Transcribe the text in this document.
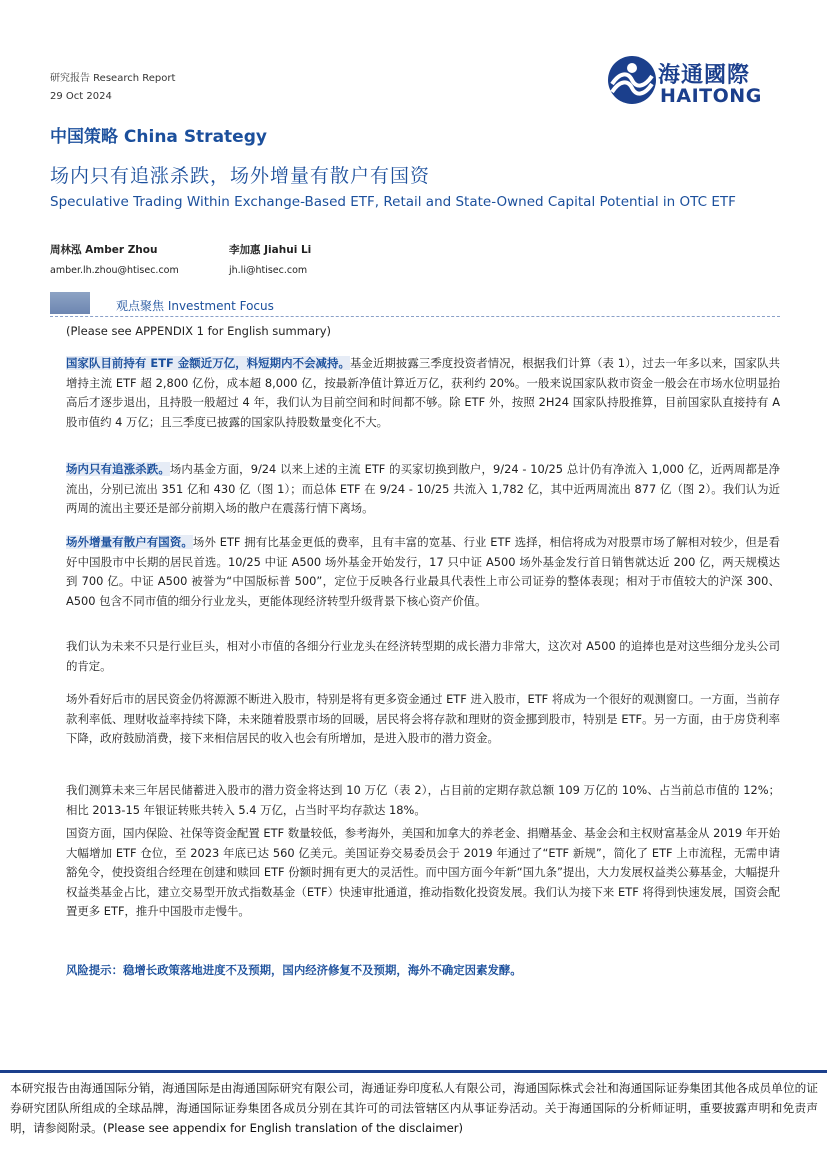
研究报告 Research Report
29 Oct 2024
海通國際
HAITONG
中国策略 China Strategy
场内只有追涨杀跌，场外增量有散户有国资
Speculative Trading Within Exchange-Based ETF, Retail and State-Owned Capital Potential in OTC ETF
周林泓 Amber Zhou
amber.lh.zhou@htisec.com
李加惠 Jiahui Li
jh.li@htisec.com
观点聚焦 Investment Focus
(Please see APPENDIX 1 for English summary)
国家队目前持有 ETF 金额近万亿，料短期内不会减持。基金近期披露三季度投资者情况，根据我们计算（表 1），过去一年多以来，国家队共增持主流 ETF 超 2,800 亿份，成本超 8,000 亿，按最新净值计算近万亿，获利约 20%。一般来说国家队救市资金一般会在市场水位明显抬高后才逐步退出，且持股一般超过 4 年，我们认为目前空间和时间都不够。除 ETF 外，按照 2H24 国家队持股推算，目前国家队直接持有 A 股市值约 4 万亿；且三季度已披露的国家队持股数量变化不大。
场内只有追涨杀跌。场内基金方面，9/24 以来上述的主流 ETF 的买家切换到散户，9/24 - 10/25 总计仍有净流入 1,000 亿，近两周都是净流出，分别已流出 351 亿和 430 亿（图 1）；而总体 ETF 在 9/24 - 10/25 共流入 1,782 亿，其中近两周流出 877 亿（图 2）。我们认为近两周的流出主要还是部分前期入场的散户在震荡行情下离场。
场外增量有散户有国资。场外 ETF 拥有比基金更低的费率，且有丰富的宽基、行业 ETF 选择，相信将成为对股票市场了解相对较少，但是看好中国股市中长期的居民首选。10/25 中证 A500 场外基金开始发行，17 只中证 A500 场外基金发行首日销售就达近 200 亿，两天规模达到 700 亿。中证 A500 被誉为“中国版标普 500”，定位于反映各行业最具代表性上市公司证券的整体表现；相对于市值较大的沪深 300、A500 包含不同市值的细分行业龙头，更能体现经济转型升级背景下核心资产价值。
我们认为未来不只是行业巨头，相对小市值的各细分行业龙头在经济转型期的成长潜力非常大，这次对 A500 的追捧也是对这些细分龙头公司的肯定。
场外看好后市的居民资金仍将源源不断进入股市，特别是将有更多资金通过 ETF 进入股市，ETF 将成为一个很好的观测窗口。一方面，当前存款利率低、理财收益率持续下降，未来随着股票市场的回暖，居民将会将存款和理财的资金挪到股市，特别是 ETF。另一方面，由于房贷利率下降，政府鼓励消费，接下来相信居民的收入也会有所增加，是进入股市的潜力资金。
我们测算未来三年居民储蓄进入股市的潜力资金将达到 10 万亿（表 2），占目前的定期存款总额 109 万亿的 10%、占当前总市值的 12%；相比 2013-15 年银证转账共转入 5.4 万亿，占当时平均存款达 18%。
国资方面，国内保险、社保等资金配置 ETF 数量较低，参考海外，美国和加拿大的养老金、捐赠基金、基金会和主权财富基金从 2019 年开始大幅增加 ETF 仓位，至 2023 年底已达 560 亿美元。美国证券交易委员会于 2019 年通过了“ETF 新规”，简化了 ETF 上市流程，无需申请豁免令，使投资组合经理在创建和赎回 ETF 份额时拥有更大的灵活性。而中国方面今年新“国九条”提出，大力发展权益类公募基金，大幅提升权益类基金占比，建立交易型开放式指数基金（ETF）快速审批通道，推动指数化投资发展。我们认为接下来 ETF 将得到快速发展，国资会配置更多 ETF，推升中国股市走慢牛。
风险提示：稳增长政策落地进度不及预期，国内经济修复不及预期，海外不确定因素发酵。
本研究报告由海通国际分销，海通国际是由海通国际研究有限公司，海通证券印度私人有限公司，海通国际株式会社和海通国际证券集团其他各成员单位的证券研究团队所组成的全球品牌，海通国际证券集团各成员分别在其许可的司法管辖区内从事证券活动。关于海通国际的分析师证明，重要披露声明和免责声明，请参阅附录。(Please see appendix for English translation of the disclaimer)
